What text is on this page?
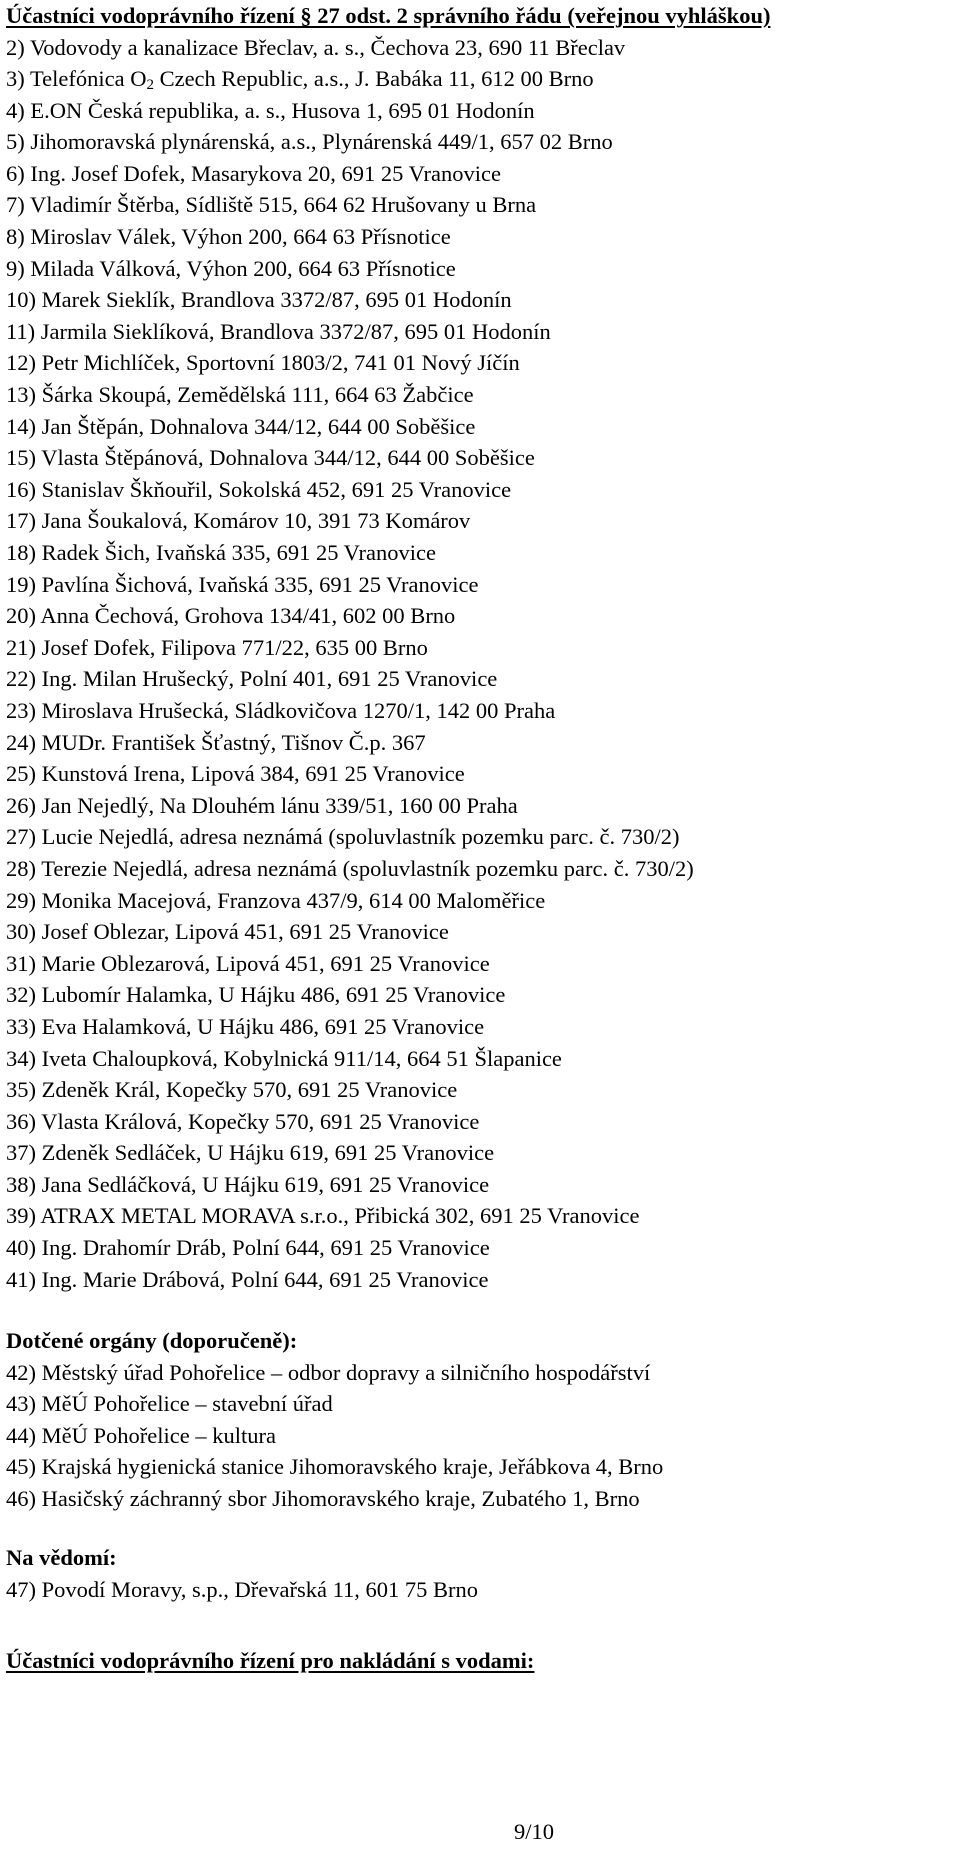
Účastníci vodoprávního řízení § 27 odst. 2 správního řádu (veřejnou vyhláškou)
2) Vodovody a kanalizace Břeclav, a. s., Čechova 23, 690 11 Břeclav
3) Telefónica $O_2$ Czech Republic, a.s., J. Babáka 11, 612 00 Brno
4) E.ON Česká republika, a. s., Husova 1, 695 01 Hodonín
5) Jihomoravská plynárenská, a.s., Plynárenská 449/1, 657 02 Brno
6) Ing. Josef Dofek, Masarykova 20, 691 25 Vranovice
7) Vladimír Štěrba, Sídliště 515, 664 62 Hrušovany u Brna
8) Miroslav Válek, Výhon 200, 664 63 Přísnotice
9) Milada Válková, Výhon 200, 664 63 Přísnotice
10) Marek Sieklík, Brandlova 3372/87, 695 01 Hodonín
11) Jarmila Sieklíková, Brandlova 3372/87, 695 01 Hodonín
12) Petr Michlíček, Sportovní 1803/2, 741 01 Nový Jíčín
13) Šárka Skoupá, Zemědělská 111, 664 63 Žabčice
14) Jan Štěpán, Dohnalova 344/12, 644 00 Soběšice
15) Vlasta Štěpánová, Dohnalova 344/12, 644 00 Soběšice
16) Stanislav Škňouřil, Sokolská 452, 691 25 Vranovice
17) Jana Šoukalová, Komárov 10, 391 73 Komárov
18) Radek Šich, Ivaňská 335, 691 25 Vranovice
19) Pavlína Šichová, Ivaňská 335, 691 25 Vranovice
20) Anna Čechová, Grohova 134/41, 602 00 Brno
21) Josef Dofek, Filipova 771/22, 635 00 Brno
22) Ing. Milan Hrušecký, Polní 401, 691 25 Vranovice
23) Miroslava Hrušecká, Sládkovičova 1270/1, 142 00 Praha
24) MUDr. František Šťastný, Tišnov Č.p. 367
25) Kunstová Irena, Lipová 384, 691 25 Vranovice
26) Jan Nejedlý, Na Dlouhém lánu 339/51, 160 00 Praha
27) Lucie Nejedlá, adresa neznámá (spoluvlastník pozemku parc. č. 730/2)
28) Terezie Nejedlá, adresa neznámá (spoluvlastník pozemku parc. č. 730/2)
29) Monika Macejová, Franzova 437/9, 614 00 Maloměřice
30) Josef Oblezar, Lipová 451, 691 25 Vranovice
31) Marie Oblezarová, Lipová 451, 691 25 Vranovice
32) Lubomír Halamka, U Hájku 486, 691 25 Vranovice
33) Eva Halamková, U Hájku 486, 691 25 Vranovice
34) Iveta Chaloupková, Kobylnická 911/14, 664 51 Šlapanice
35) Zdeněk Král, Kopečky 570, 691 25 Vranovice
36) Vlasta Králová, Kopečky 570, 691 25 Vranovice
37) Zdeněk Sedláček, U Hájku 619, 691 25 Vranovice
38) Jana Sedláčková, U Hájku 619, 691 25 Vranovice
39) ATRAX METAL MORAVA s.r.o., Přibická 302, 691 25 Vranovice
40) Ing. Drahomír Dráb, Polní 644, 691 25 Vranovice
41) Ing. Marie Drábová, Polní 644, 691 25 Vranovice
Dotčené orgány (doporučeně):
42) Městský úřad Pohořelice – odbor dopravy a silničního hospodářství
43) MěÚ Pohořelice – stavební úřad
44) MěÚ Pohořelice – kultura
45) Krajská hygienická stanice Jihomoravského kraje, Jeřábkova 4, Brno
46) Hasičský záchranný sbor Jihomoravského kraje, Zubatého 1, Brno
Na vědomí:
47) Povodí Moravy, s.p., Dřevařská 11, 601 75 Brno
Účastníci vodoprávního řízení pro nakládání s vodami:
9/10
